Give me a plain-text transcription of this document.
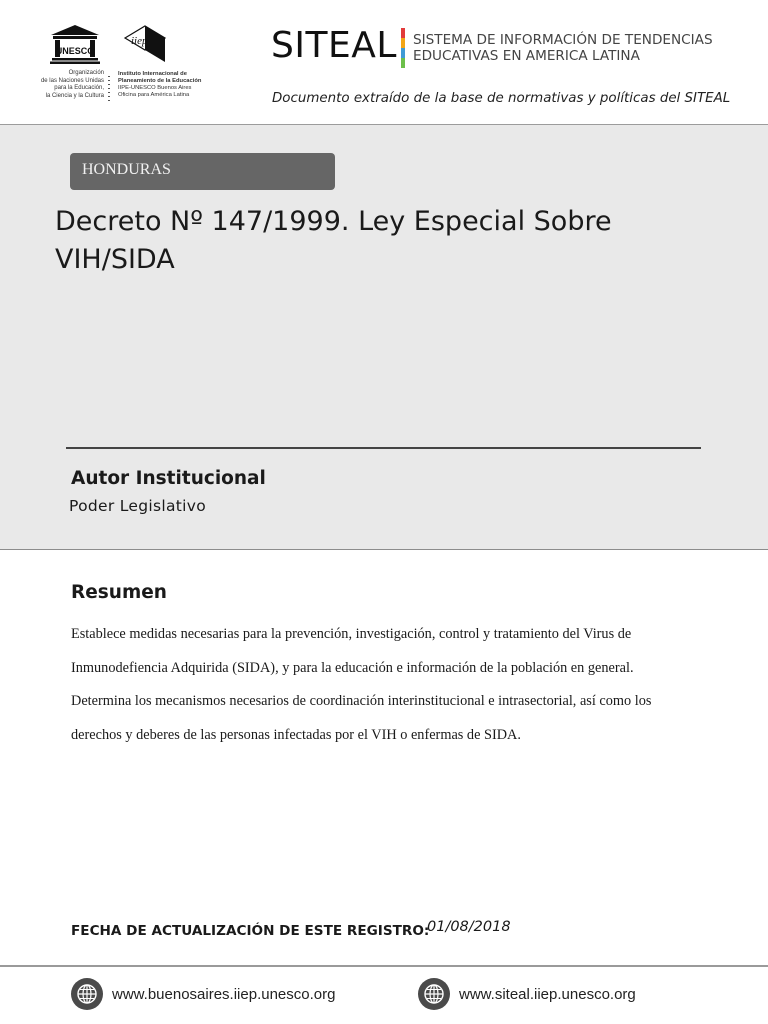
UNESCO
Organización
de las Naciones Unidas
para la Educación,
la Ciencia y la Cultura
iiep
Instituto Internacional de
Planeamiento de la Educación
IIPE-UNESCO Buenos Aires
Oficina para América Latina
SITEAL SISTEMA DE INFORMACIÓN DE TENDENCIAS
EDUCATIVAS EN AMERICA LATINA
Documento extraído de la base de normativas y políticas del SITEAL
HONDURAS
Decreto Nº 147/1999. Ley Especial Sobre VIH/SIDA
Autor Institucional
Poder Legislativo
Resumen
Establece medidas necesarias para la prevención, investigación, control y tratamiento del Virus de
Inmunodefiencia Adquirida (SIDA), y para la educación e información de la población en general.
Determina los mecanismos necesarios de coordinación interinstitucional e intrasectorial, así como los
derechos y deberes de las personas infectadas por el VIH o enfermas de SIDA.
FECHA DE ACTUALIZACIÓN DE ESTE REGISTRO:
01/08/2018
www.buenosaires.iiep.unesco.org	www.siteal.iiep.unesco.org
